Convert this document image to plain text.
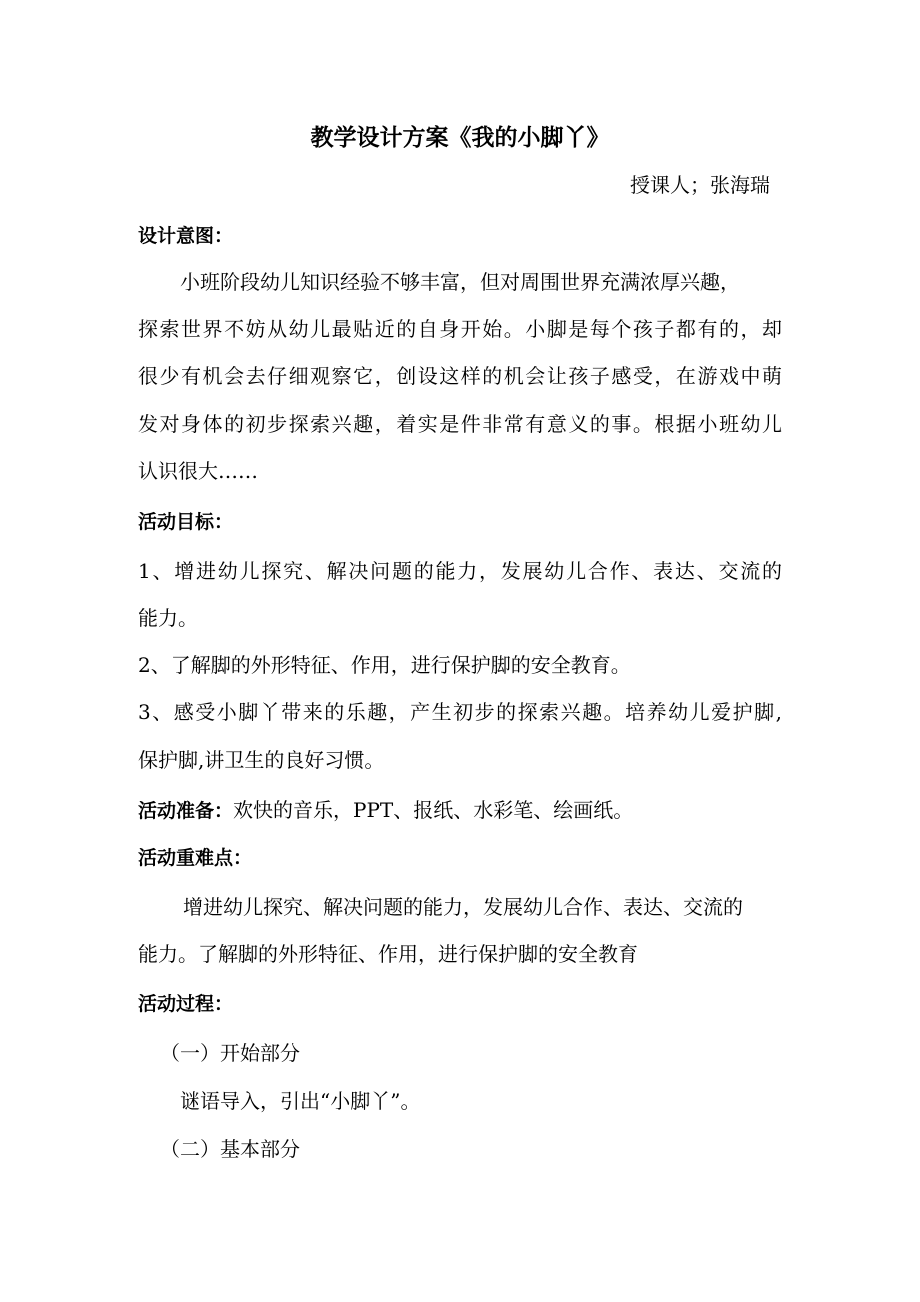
教学设计方案《我的小脚丫》
授课人；张海瑞
设计意图：
小班阶段幼儿知识经验不够丰富，但对周围世界充满浓厚兴趣，
探索世界不妨从幼儿最贴近的自身开始。小脚是每个孩子都有的，却
很少有机会去仔细观察它，创设这样的机会让孩子感受，在游戏中萌
发对身体的初步探索兴趣，着实是件非常有意义的事。根据小班幼儿
认识很大……
活动目标：
1、增进幼儿探究、解决问题的能力，发展幼儿合作、表达、交流的
能力。
2、了解脚的外形特征、作用，进行保护脚的安全教育。
3、感受小脚丫带来的乐趣，产生初步的探索兴趣。培养幼儿爱护脚,
保护脚,讲卫生的良好习惯。
活动准备：欢快的音乐，PPT、报纸、水彩笔、绘画纸。
活动重难点：
增进幼儿探究、解决问题的能力，发展幼儿合作、表达、交流的
能力。了解脚的外形特征、作用，进行保护脚的安全教育
活动过程：
（一）开始部分
谜语导入，引出“小脚丫”。
（二）基本部分
